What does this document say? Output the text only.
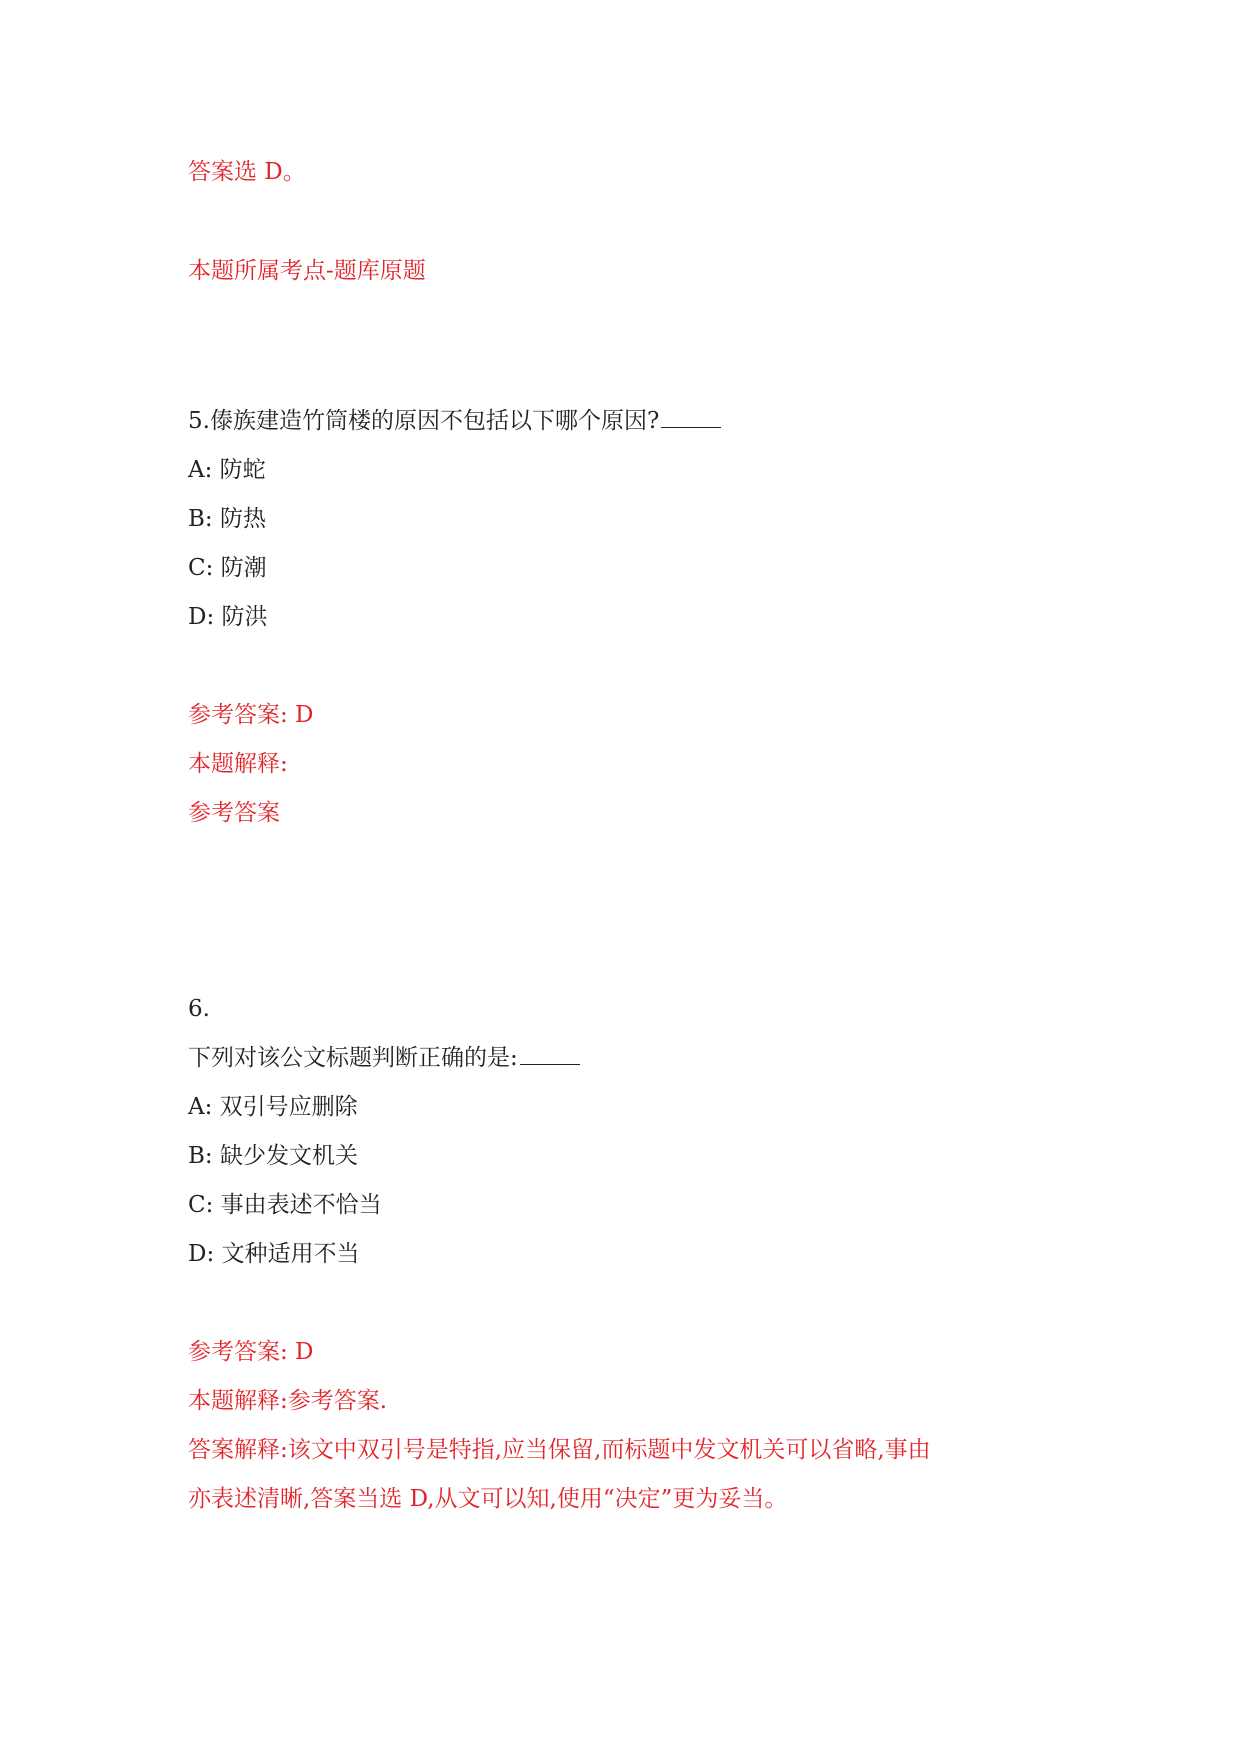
答案选 D。
本题所属考点-题库原题
5.傣族建造竹筒楼的原因不包括以下哪个原因?
A: 防蛇
B: 防热
C: 防潮
D: 防洪
参考答案: D
本题解释:
参考答案
6.
下列对该公文标题判断正确的是:
A: 双引号应删除
B: 缺少发文机关
C: 事由表述不恰当
D: 文种适用不当
参考答案: D
本题解释:参考答案.
答案解释:该文中双引号是特指,应当保留,而标题中发文机关可以省略,事由
亦表述清晰,答案当选 D,从文可以知,使用“决定”更为妥当。
